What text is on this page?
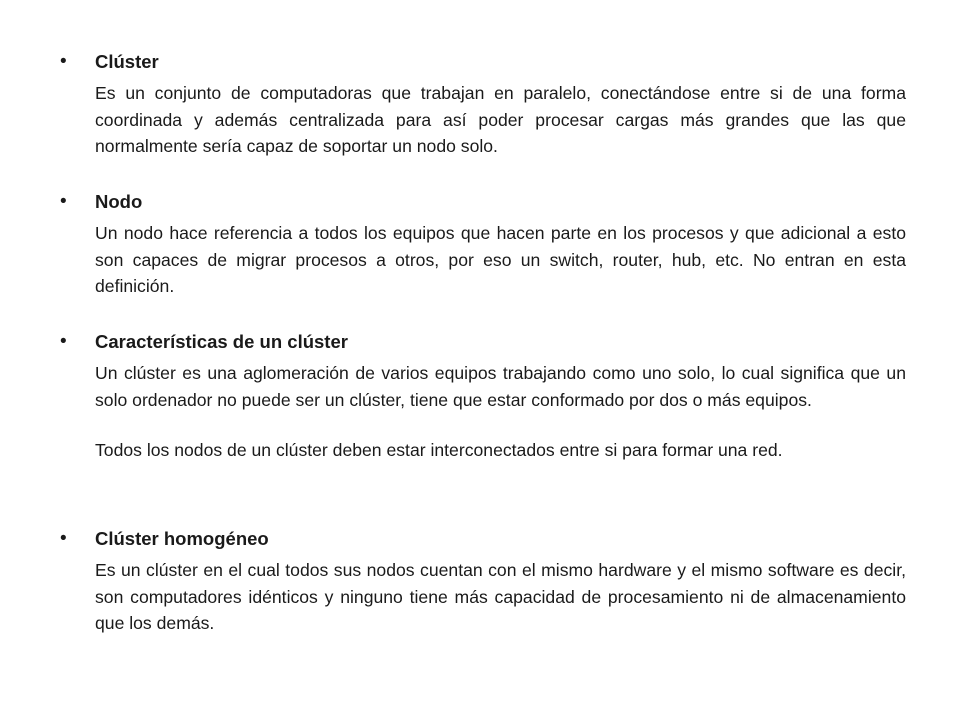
•	Clúster

Es un conjunto de computadoras que trabajan en paralelo, conectándose entre si de una forma coordinada y además centralizada para así poder procesar cargas más grandes que las que normalmente sería capaz de soportar un nodo solo.

•	Nodo

Un nodo hace referencia a todos los equipos que hacen parte en los procesos y que adicional a esto son capaces de migrar procesos a otros, por eso un switch, router, hub, etc. No entran en esta definición.

•	Características de un clúster

Un clúster es una aglomeración de varios equipos trabajando como uno solo, lo cual significa que un solo ordenador no puede ser un clúster, tiene que estar conformado por dos o más equipos.

Todos los nodos de un clúster deben estar interconectados entre si para formar una red.

•	Clúster homogéneo

Es un clúster en el cual todos sus nodos cuentan con el mismo hardware y el mismo software es decir, son computadores idénticos y ninguno tiene más capacidad de procesamiento ni de almacenamiento que los demás.
